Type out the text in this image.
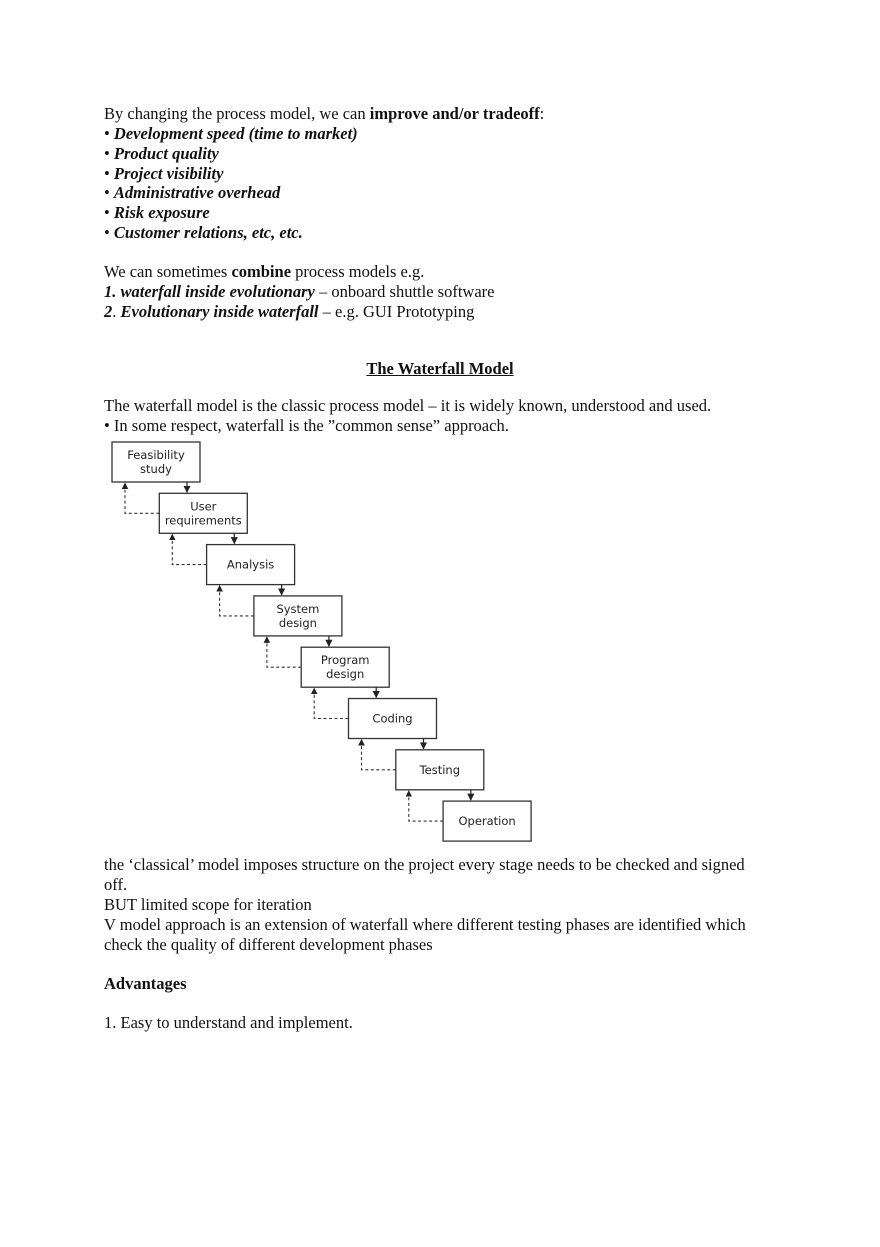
By changing the process model, we can improve and/or tradeoff:
• Development speed (time to market)
• Product quality
• Project visibility
• Administrative overhead
• Risk exposure
• Customer relations, etc, etc.
We can sometimes combine process models e.g.
1. waterfall inside evolutionary – onboard shuttle software
2. Evolutionary inside waterfall – e.g. GUI Prototyping
The Waterfall Model
The waterfall model is the classic process model – it is widely known, understood and used.
• In some respect, waterfall is the ”common sense” approach.
Feasibility
study
User
requirements
Analysis
System
design
Program
design
Coding
Testing
Operation
the ‘classical’ model imposes structure on the project every stage needs to be checked and signed
off.
BUT limited scope for iteration
V model approach is an extension of waterfall where different testing phases are identified which
check the quality of different development phases
Advantages
1. Easy to understand and implement.
